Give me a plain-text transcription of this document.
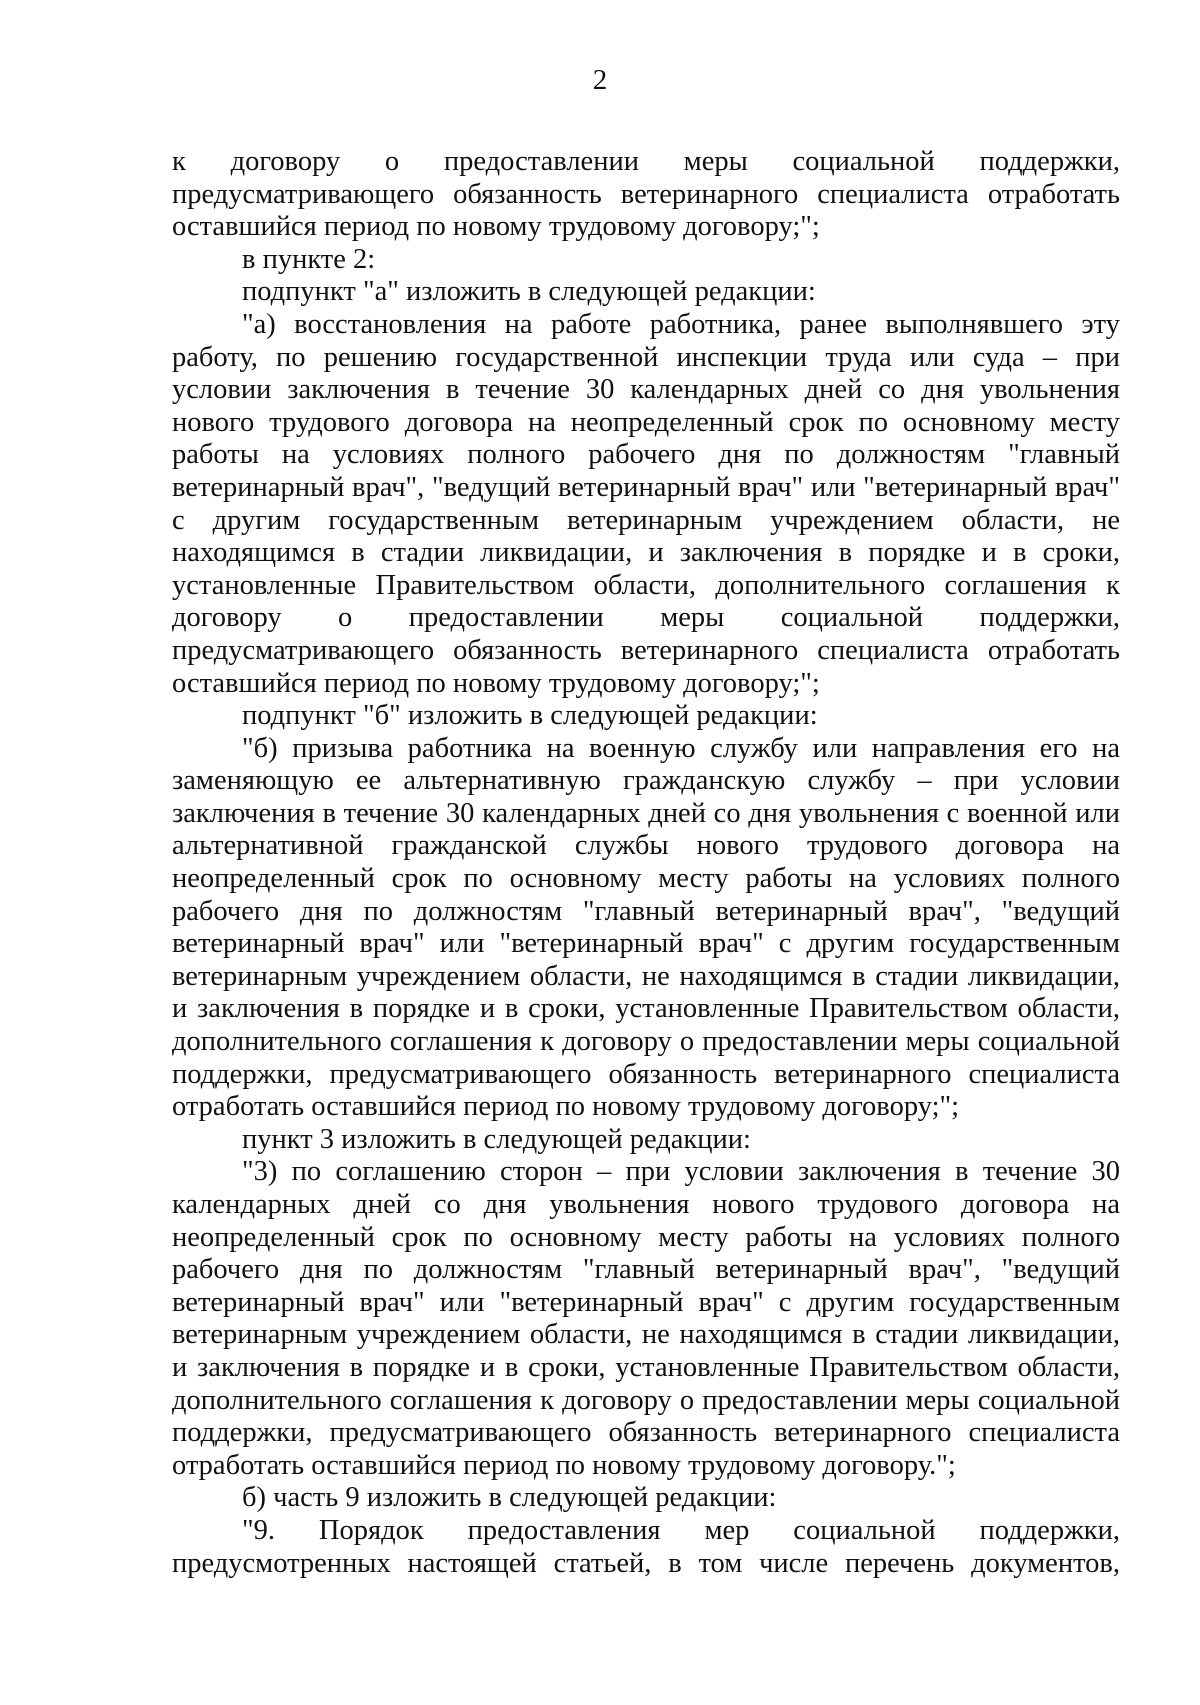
2

к договору о предоставлении меры социальной поддержки, предусматривающего обязанность ветеринарного специалиста отработать оставшийся период по новому трудовому договору;";

в пункте 2:

подпункт "а" изложить в следующей редакции:

"а) восстановления на работе работника, ранее выполнявшего эту работу, по решению государственной инспекции труда или суда – при условии заключения в течение 30 календарных дней со дня увольнения нового трудового договора на неопределенный срок по основному месту работы на условиях полного рабочего дня по должностям "главный ветеринарный врач", "ведущий ветеринарный врач" или "ветеринарный врач" с другим государственным ветеринарным учреждением области, не находящимся в стадии ликвидации, и заключения в порядке и в сроки, установленные Правительством области, дополнительного соглашения к договору о предоставлении меры социальной поддержки, предусматривающего обязанность ветеринарного специалиста отработать оставшийся период по новому трудовому договору;";

подпункт "б" изложить в следующей редакции:

"б) призыва работника на военную службу или направления его на заменяющую ее альтернативную гражданскую службу – при условии заключения в течение 30 календарных дней со дня увольнения с военной или альтернативной гражданской службы нового трудового договора на неопределенный срок по основному месту работы на условиях полного рабочего дня по должностям "главный ветеринарный врач", "ведущий ветеринарный врач" или "ветеринарный врач" с другим государственным ветеринарным учреждением области, не находящимся в стадии ликвидации, и заключения в порядке и в сроки, установленные Правительством области, дополнительного соглашения к договору о предоставлении меры социальной поддержки, предусматривающего обязанность ветеринарного специалиста отработать оставшийся период по новому трудовому договору;";

пункт 3 изложить в следующей редакции:

"3) по соглашению сторон – при условии заключения в течение 30 календарных дней со дня увольнения нового трудового договора на неопределенный срок по основному месту работы на условиях полного рабочего дня по должностям "главный ветеринарный врач", "ведущий ветеринарный врач" или "ветеринарный врач" с другим государственным ветеринарным учреждением области, не находящимся в стадии ликвидации, и заключения в порядке и в сроки, установленные Правительством области, дополнительного соглашения к договору о предоставлении меры социальной поддержки, предусматривающего обязанность ветеринарного специалиста отработать оставшийся период по новому трудовому договору.";

б) часть 9 изложить в следующей редакции:

"9. Порядок предоставления мер социальной поддержки, предусмотренных настоящей статьей, в том числе перечень документов,
